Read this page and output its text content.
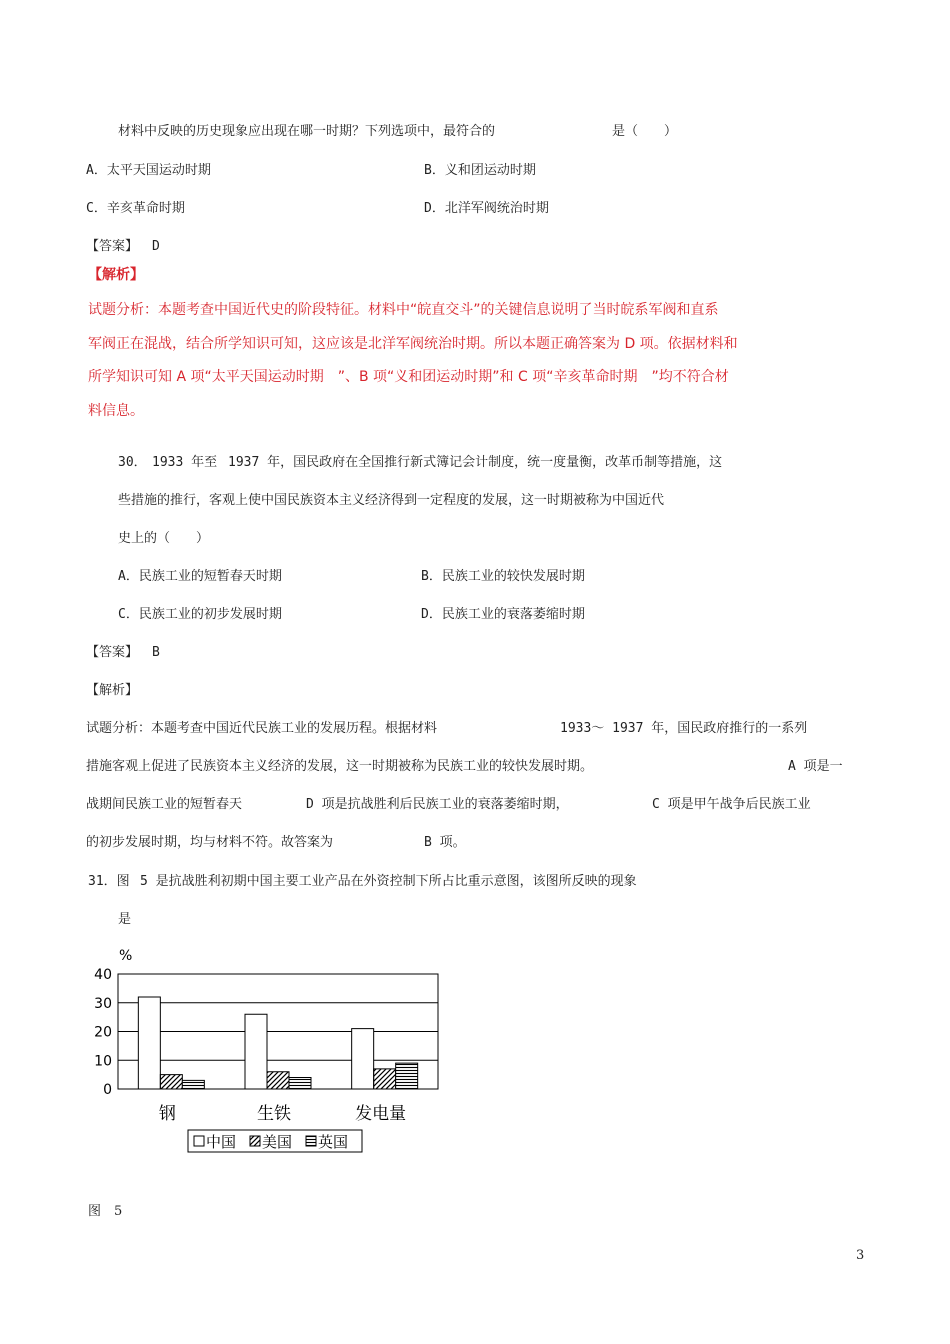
材料中反映的历史现象应出现在哪一时期？下列选项中，最符合的	是（　　）
A．太平天国运动时期	B．义和团运动时期
C．辛亥革命时期	D．北洋军阀统治时期
【答案】 D
【解析】
试题分析：本题考查中国近代史的阶段特征。材料中“皖直交斗”的关键信息说明了当时皖系军阀和直系
军阀正在混战，结合所学知识可知，这应该是北洋军阀统治时期。所以本题正确答案为 D 项。依据材料和
所学知识可知 A 项“太平天国运动时期　”、B 项“义和团运动时期”和 C 项“辛亥革命时期　”均不符合材
料信息。
30． 1933 年至 1937 年，国民政府在全国推行新式簿记会计制度，统一度量衡，改革币制等措施，这
些措施的推行，客观上使中国民族资本主义经济得到一定程度的发展，这一时期被称为中国近代
史上的（　　）
A．民族工业的短暂春天时期	B．民族工业的较快发展时期
C．民族工业的初步发展时期	D．民族工业的衰落萎缩时期
【答案】 B
【解析】
试题分析：本题考查中国近代民族工业的发展历程。根据材料	1933～ 1937 年，国民政府推行的一系列
措施客观上促进了民族资本主义经济的发展，这一时期被称为民族工业的较快发展时期。	A 项是一
战期间民族工业的短暂春天	D 项是抗战胜利后民族工业的衰落萎缩时期，	C 项是甲午战争后民族工业
的初步发展时期，均与材料不符。故答案为	B 项。
31．图 5 是抗战胜利初期中国主要工业产品在外资控制下所占比重示意图，该图所反映的现象
是
%
0
10
20
30
40
钢	生铁	发电量
中国 美国 英国
图　5
3
